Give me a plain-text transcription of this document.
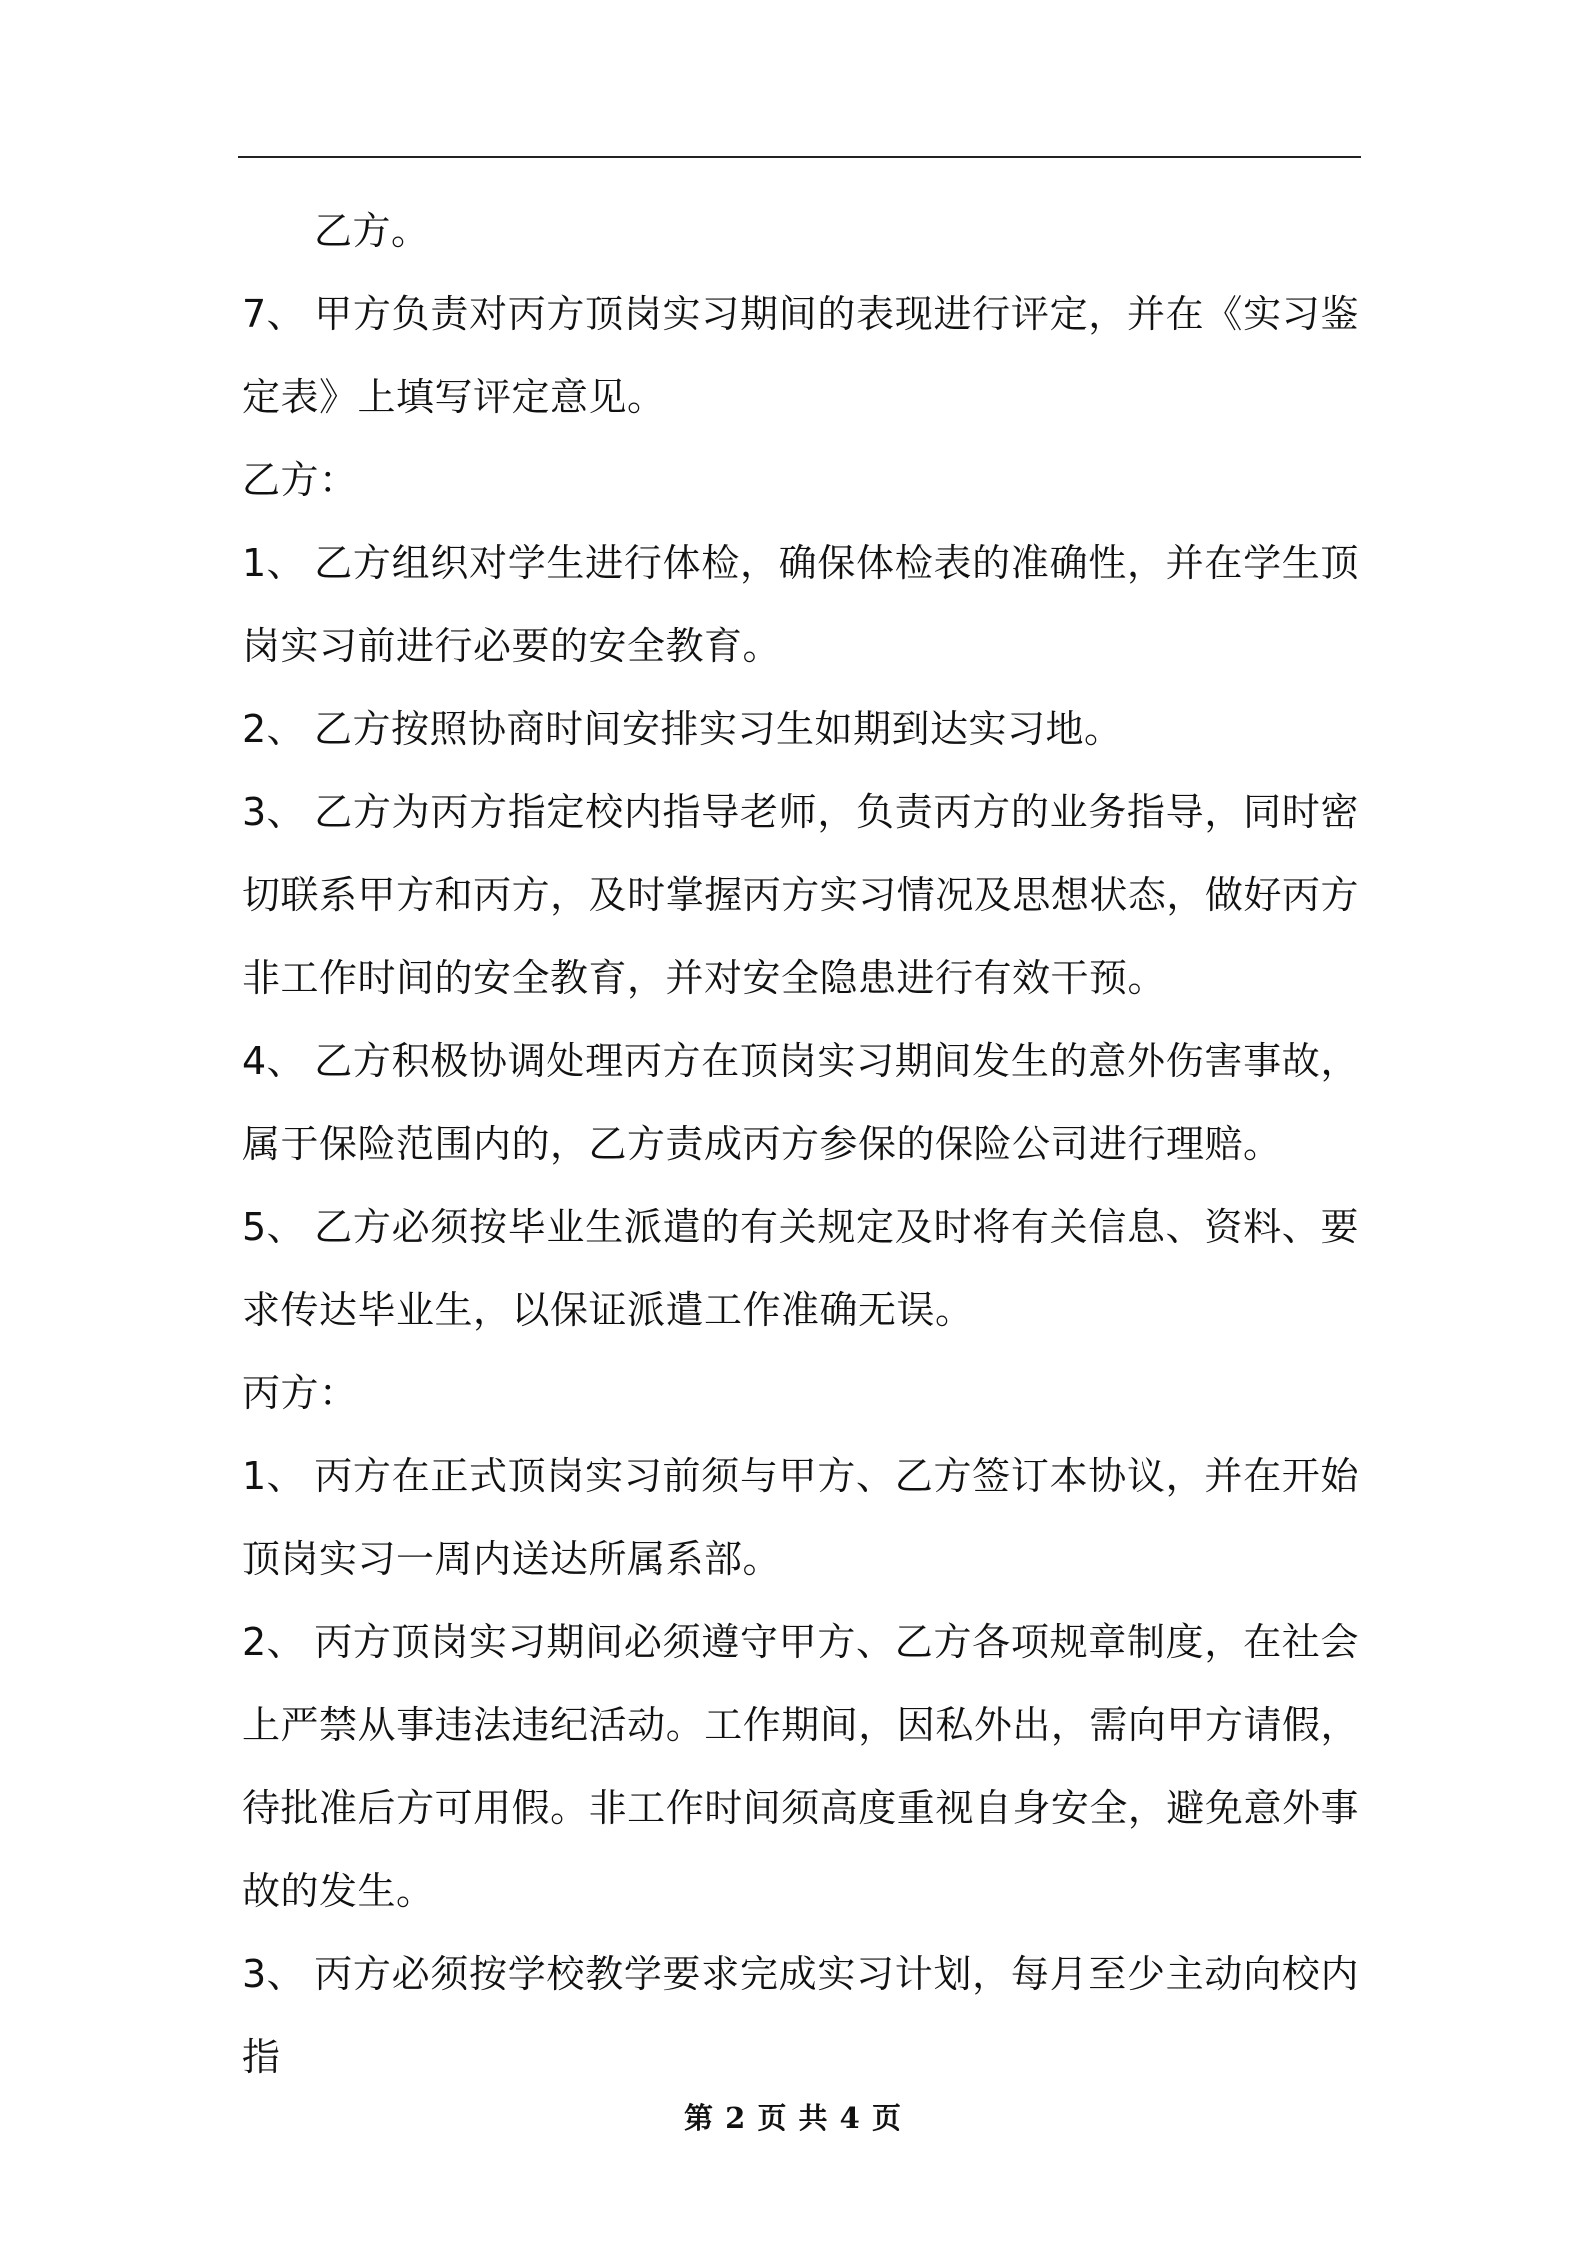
乙方。

7、 甲方负责对丙方顶岗实习期间的表现进行评定，并在《实习鉴定表》上填写评定意见。

乙方：

1、 乙方组织对学生进行体检，确保体检表的准确性，并在学生顶岗实习前进行必要的安全教育。

2、 乙方按照协商时间安排实习生如期到达实习地。

3、 乙方为丙方指定校内指导老师，负责丙方的业务指导，同时密切联系甲方和丙方，及时掌握丙方实习情况及思想状态，做好丙方非工作时间的安全教育，并对安全隐患进行有效干预。

4、 乙方积极协调处理丙方在顶岗实习期间发生的意外伤害事故，属于保险范围内的，乙方责成丙方参保的保险公司进行理赔。

5、 乙方必须按毕业生派遣的有关规定及时将有关信息、资料、要求传达毕业生，以保证派遣工作准确无误。

丙方：

1、 丙方在正式顶岗实习前须与甲方、乙方签订本协议，并在开始顶岗实习一周内送达所属系部。

2、 丙方顶岗实习期间必须遵守甲方、乙方各项规章制度，在社会上严禁从事违法违纪活动。工作期间，因私外出，需向甲方请假，待批准后方可用假。非工作时间须高度重视自身安全，避免意外事故的发生。

3、 丙方必须按学校教学要求完成实习计划，每月至少主动向校内指

第 2 页 共 4 页
